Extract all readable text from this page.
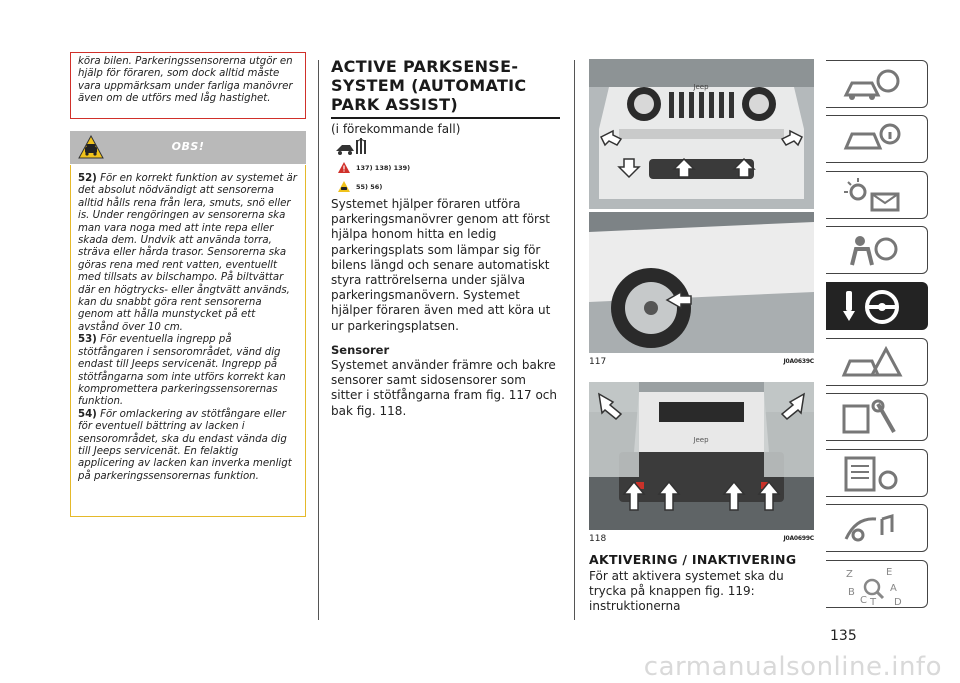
köra bilen. Parkeringssensorerna utgör en hjälp för föraren, som dock alltid måste vara uppmärksam under farliga manövrer även om de utförs med låg hastighet.

OBS!

52) För en korrekt funktion av systemet är det absolut nödvändigt att sensorerna alltid hålls rena från lera, smuts, snö eller is. Under rengöringen av sensorerna ska man vara noga med att inte repa eller skada dem. Undvik att använda torra, sträva eller hårda trasor. Sensorerna ska göras rena med rent vatten, eventuellt med tillsats av bilschampo. På biltvättar där en högtrycks- eller ångtvätt används, kan du snabbt göra rent sensorerna genom att hålla munstycket på ett avstånd över 10 cm.

53) För eventuella ingrepp på stötfångaren i sensorområdet, vänd dig endast till Jeeps servicenät. Ingrepp på stötfångarna som inte utförs korrekt kan kompromettera parkeringssensorernas funktion.

54) För omlackering av stötfångare eller för eventuell bättring av lacken i sensorområdet, ska du endast vända dig till Jeeps servicenät. En felaktig applicering av lacken kan inverka menligt på parkeringssensorernas funktion.

ACTIVE PARKSENSE-SYSTEM (AUTOMATIC PARK ASSIST)
(i förekommande fall)
137) 138) 139)
55) 56)

Systemet hjälper föraren utföra parkeringsmanövrer genom att först hjälpa honom hitta en ledig parkeringsplats som lämpar sig för bilens längd och senare automatiskt styra rattrörelserna under själva parkeringsmanövern. Systemet hjälper föraren även med att köra ut ur parkeringsplatsen.

Sensorer

Systemet använder främre och bakre sensorer samt sidosensorer som sitter i stötfångarna fram fig. 117 och bak fig. 118.

Jeep
117	J0A0639C
Jeep
118	J0A0699C
AKTIVERING / INAKTIVERING

För att aktivera systemet ska du trycka på knappen fig. 119: instruktionerna

Z	E
B	A
C T D
135
carmanualsonline.info
